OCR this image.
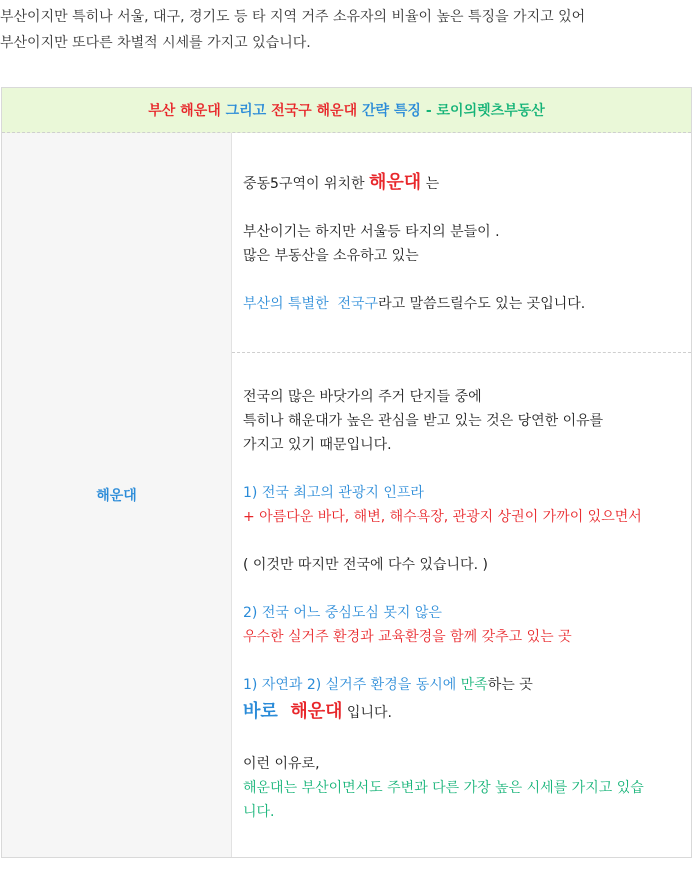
부산이지만 특히나 서울, 대구, 경기도 등 타 지역 거주 소유자의 비율이 높은 특징을 가지고 있어

부산이지만 또다른 차별적 시세를 가지고 있습니다.

부산 해운대 그리고 전국구 해운대 간략 특징 - 로이의렛츠부동산
해운대
중동5구역이 위치한 해운대 는
부산이기는 하지만 서울등 타지의 분들이 .
많은 부동산을 소유하고 있는
부산의 특별한  전국구라고 말씀드릴수도 있는 곳입니다.
전국의 많은 바닷가의 주거 단지들 중에
특히나 해운대가 높은 관심을 받고 있는 것은 당연한 이유를
가지고 있기 때문입니다.
1) 전국 최고의 관광지 인프라
+ 아름다운 바다, 해변, 해수욕장, 관광지 상권이 가까이 있으면서
( 이것만 따지만 전국에 다수 있습니다. )
2) 전국 어느 중심도심 못지 않은
우수한 실거주 환경과 교육환경을 함께 갖추고 있는 곳
1) 자연과 2) 실거주 환경을 동시에 만족하는 곳
바로  해운대 입니다.
이런 이유로,
해운대는 부산이면서도 주변과 다른 가장 높은 시세를 가지고 있습
니다.
